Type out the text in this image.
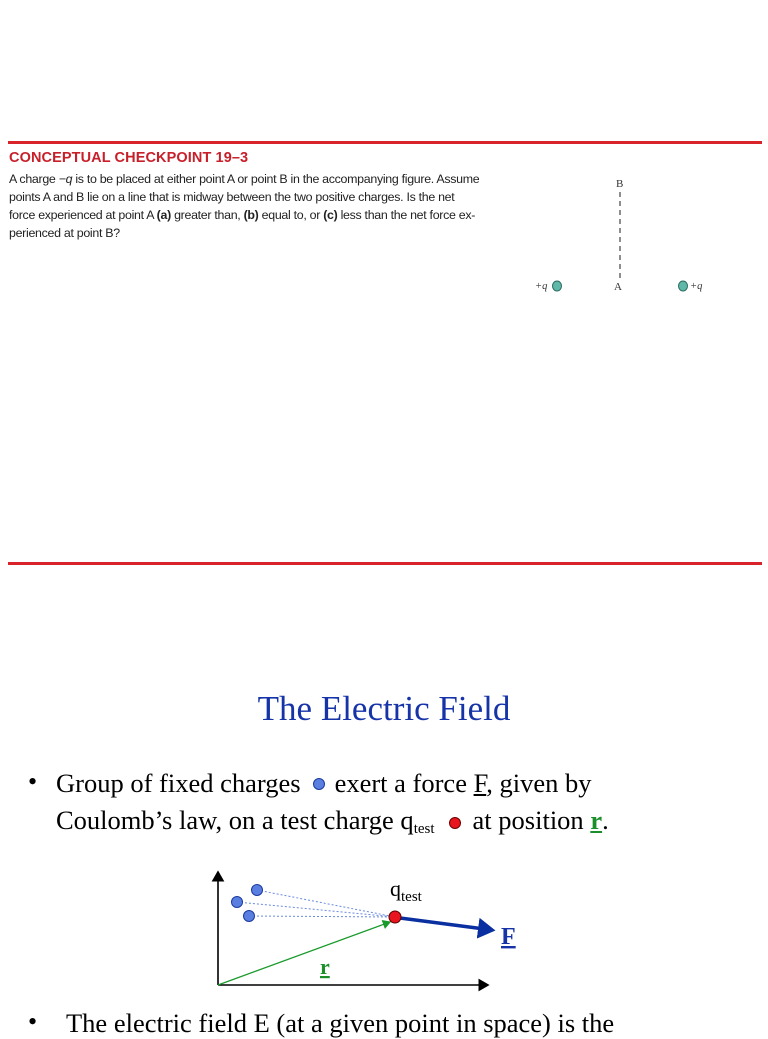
CONCEPTUAL CHECKPOINT 19–3
A charge −q is to be placed at either point A or point B in the accompanying figure. Assume
points A and B lie on a line that is midway between the two positive charges. Is the net
force experienced at point A (a) greater than, (b) equal to, or (c) less than the net force ex-
perienced at point B?
B
A
+q	+q
The Electric Field
• Group of fixed charges exert a force F, given by
Coulomb’s law, on a test charge $q_{test}$ at position r.
$q_{test}$
F
r
• The electric field E (at a given point in space) is the
